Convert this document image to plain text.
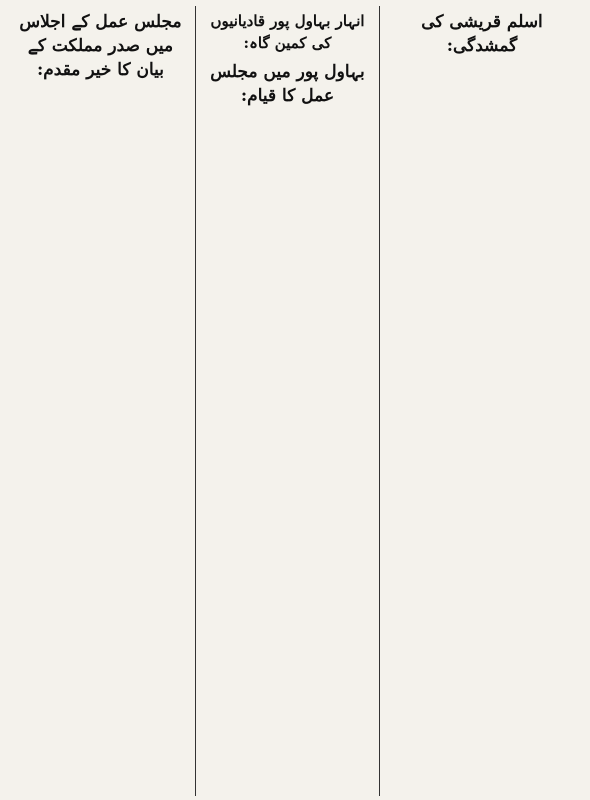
اسلم قریشی کی گمشدگی:
انہار بہاول پور قادیانیوں کی کمین گاہ:
بہاول پور میں مجلس عمل کا قیام:
مجلس عمل کے اجلاس میں صدر مملکت کے بیان کا خیر مقدم:
